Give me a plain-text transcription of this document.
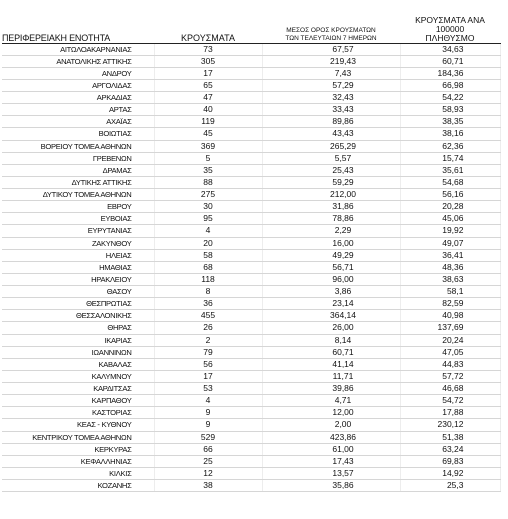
ΠΕΡΙΦΕΡΕΙΑΚΗ ΕΝΟΤΗΤΑ	ΚΡΟΥΣΜΑΤΑ	ΜΕΣΟΣ ΟΡΟΣ ΚΡΟΥΣΜΑΤΩΝ
ΤΩΝ ΤΕΛΕΥΤΑΙΩΝ 7 ΗΜΕΡΩΝ	ΚΡΟΥΣΜΑΤΑ ΑΝΑ 100000
ΠΛΗΘΥΣΜΟ
ΑΙΤΩΛΟΑΚΑΡΝΑΝΙΑΣ	73	67,57	34,63
ΑΝΑΤΟΛΙΚΗΣ ΑΤΤΙΚΗΣ	305	219,43	60,71
ΑΝΔΡΟΥ	17	7,43	184,36
ΑΡΓΟΛΙΔΑΣ	65	57,29	66,98
ΑΡΚΑΔΙΑΣ	47	32,43	54,22
ΑΡΤΑΣ	40	33,43	58,93
ΑΧΑΪΑΣ	119	89,86	38,35
ΒΟΙΩΤΙΑΣ	45	43,43	38,16
ΒΟΡΕΙΟΥ ΤΟΜΕΑ ΑΘΗΝΩΝ	369	265,29	62,36
ΓΡΕΒΕΝΩΝ	5	5,57	15,74
ΔΡΑΜΑΣ	35	25,43	35,61
ΔΥΤΙΚΗΣ ΑΤΤΙΚΗΣ	88	59,29	54,68
ΔΥΤΙΚΟΥ ΤΟΜΕΑ ΑΘΗΝΩΝ	275	212,00	56,16
ΕΒΡΟΥ	30	31,86	20,28
ΕΥΒΟΙΑΣ	95	78,86	45,06
ΕΥΡΥΤΑΝΙΑΣ	4	2,29	19,92
ΖΑΚΥΝΘΟΥ	20	16,00	49,07
ΗΛΕΙΑΣ	58	49,29	36,41
ΗΜΑΘΙΑΣ	68	56,71	48,36
ΗΡΑΚΛΕΙΟΥ	118	96,00	38,63
ΘΑΣΟΥ	8	3,86	58,1
ΘΕΣΠΡΩΤΙΑΣ	36	23,14	82,59
ΘΕΣΣΑΛΟΝΙΚΗΣ	455	364,14	40,98
ΘΗΡΑΣ	26	26,00	137,69
ΙΚΑΡΙΑΣ	2	8,14	20,24
ΙΩΑΝΝΙΝΩΝ	79	60,71	47,05
ΚΑΒΑΛΑΣ	56	41,14	44,83
ΚΑΛΥΜΝΟΥ	17	11,71	57,72
ΚΑΡΔΙΤΣΑΣ	53	39,86	46,68
ΚΑΡΠΑΘΟΥ	4	4,71	54,72
ΚΑΣΤΟΡΙΑΣ	9	12,00	17,88
ΚΕΑΣ - ΚΥΘΝΟΥ	9	2,00	230,12
ΚΕΝΤΡΙΚΟΥ ΤΟΜΕΑ ΑΘΗΝΩΝ	529	423,86	51,38
ΚΕΡΚΥΡΑΣ	66	61,00	63,24
ΚΕΦΑΛΛΗΝΙΑΣ	25	17,43	69,83
ΚΙΛΚΙΣ	12	13,57	14,92
ΚΟΖΑΝΗΣ	38	35,86	25,3
